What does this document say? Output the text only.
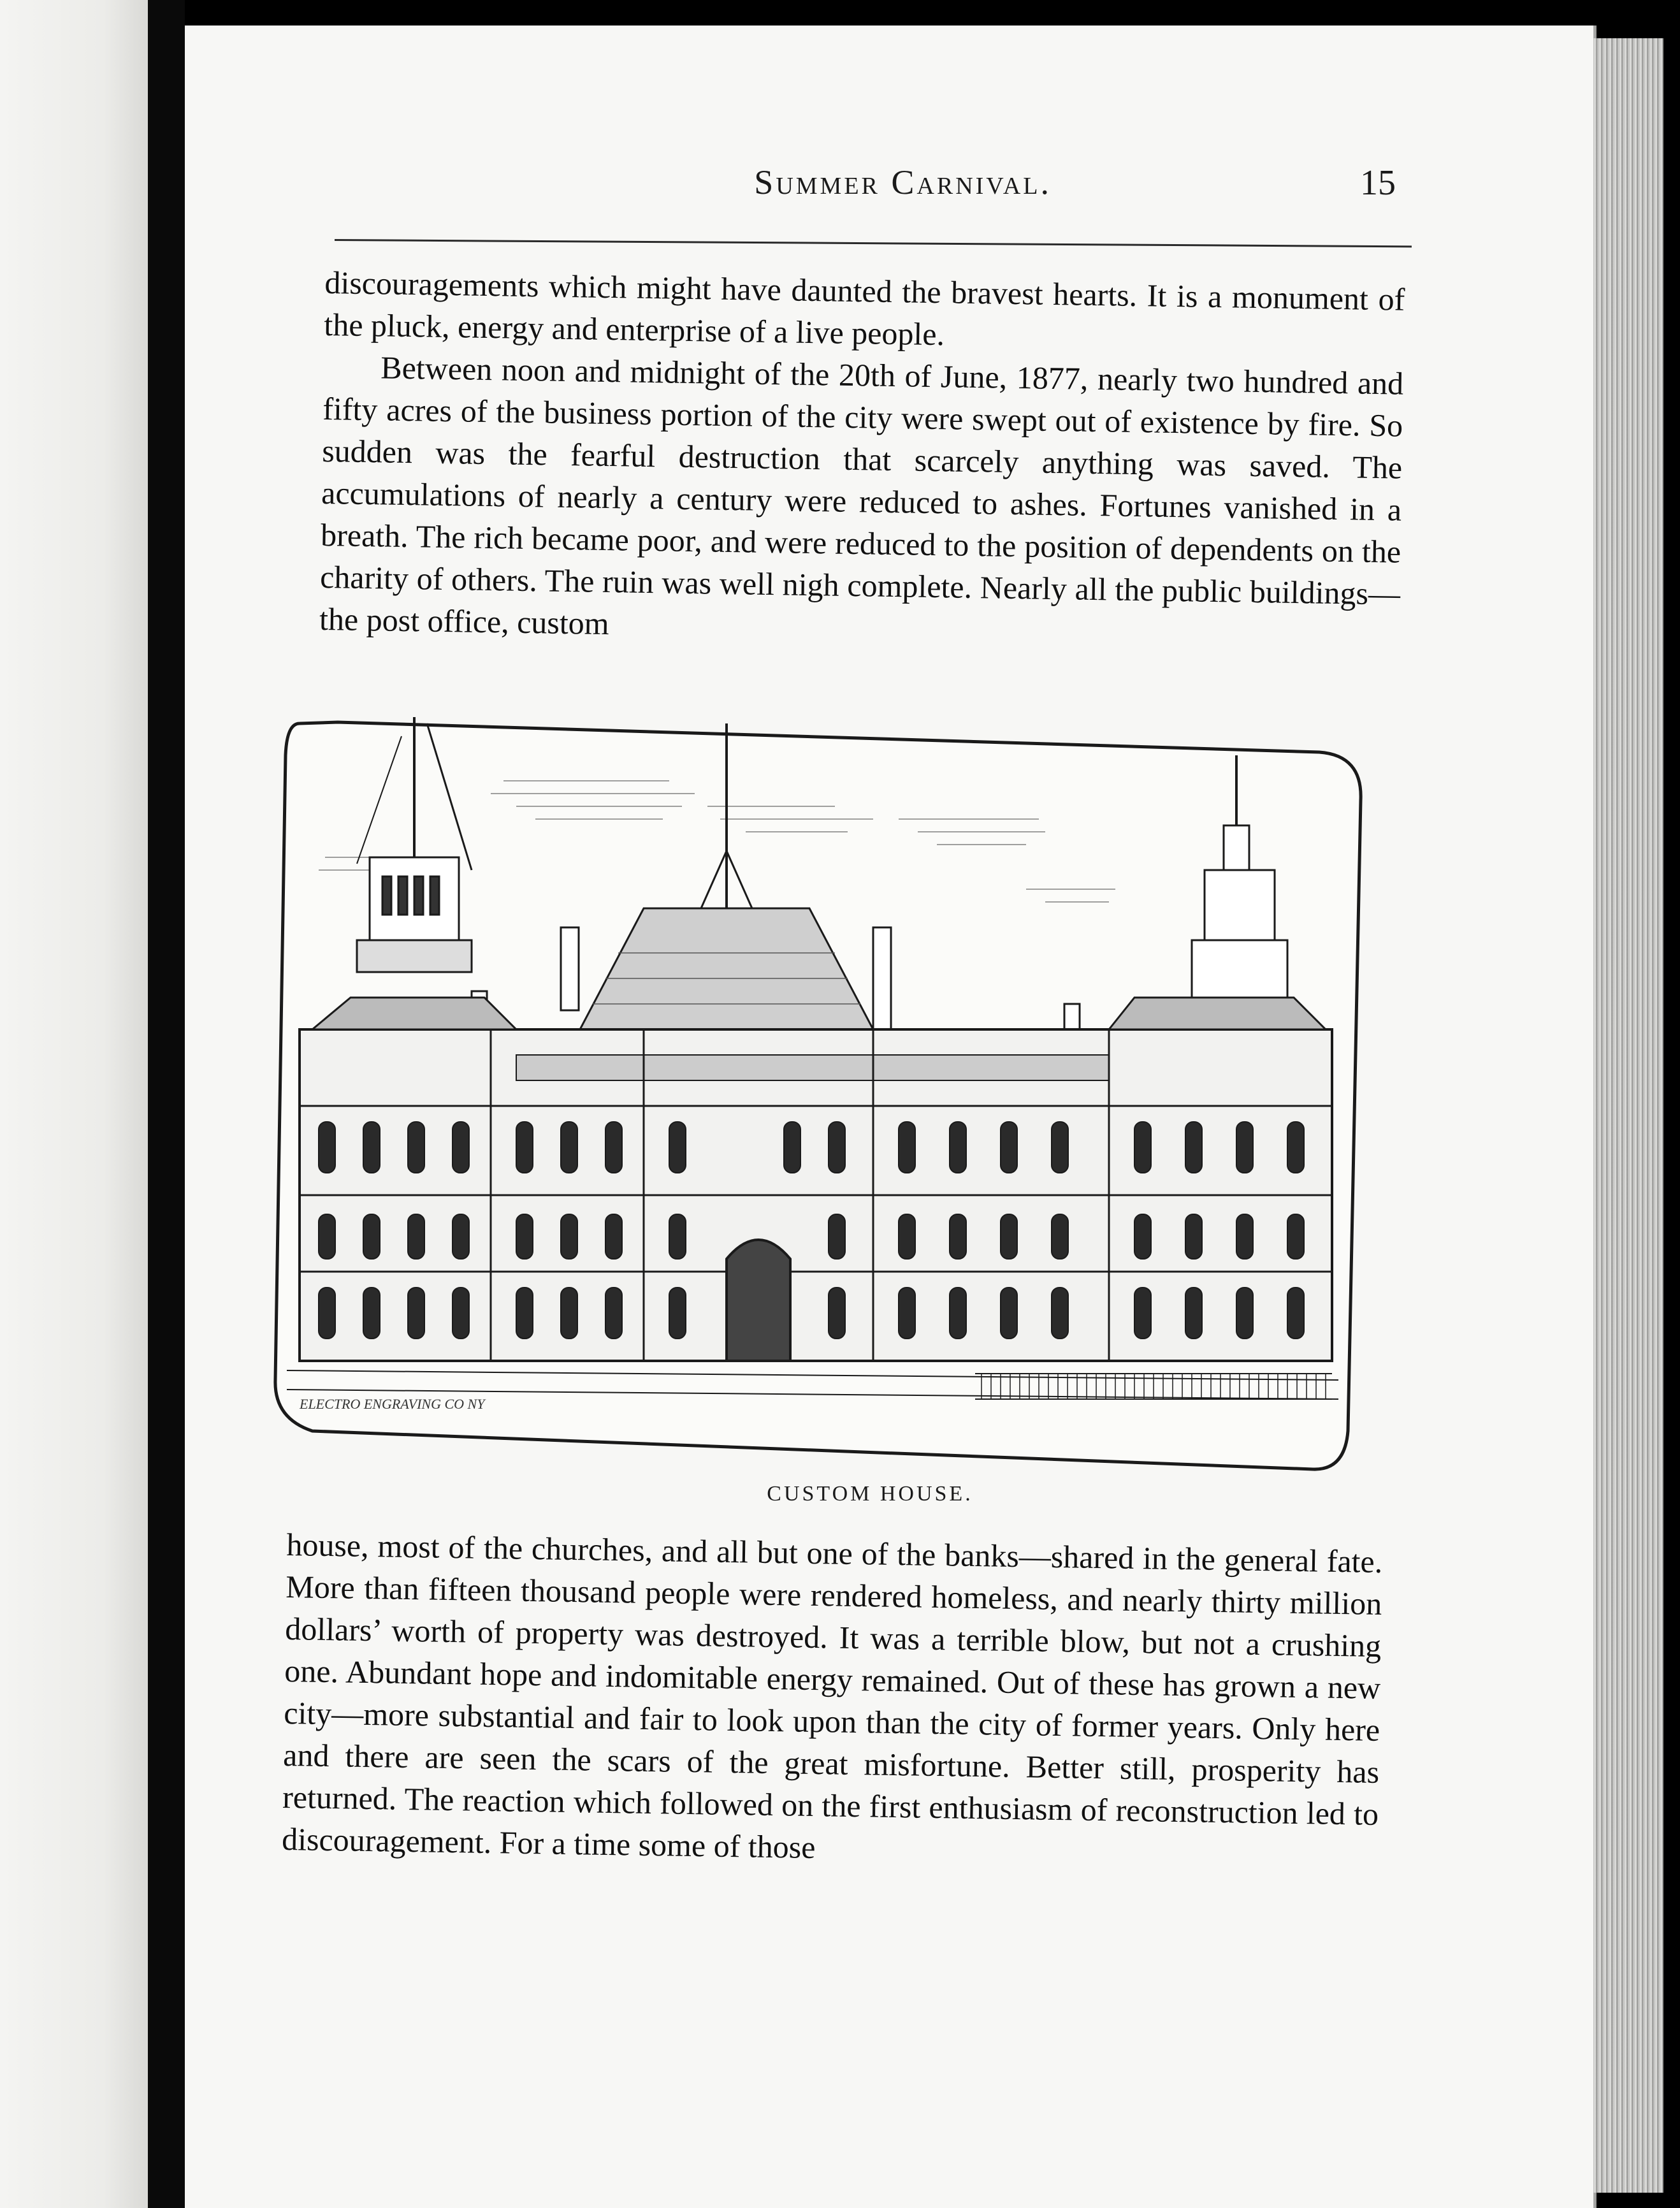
Summer Carnival.	15

discouragements which might have daunted the bravest hearts. It is a monument of the pluck, energy and enterprise of a live people.

Between noon and midnight of the 20th of June, 1877, nearly two hundred and fifty acres of the business portion of the city were swept out of existence by fire. So sudden was the fearful destruction that scarcely anything was saved. The accumulations of nearly a century were reduced to ashes. Fortunes vanished in a breath. The rich became poor, and were reduced to the position of dependents on the charity of others. The ruin was well nigh complete. Nearly all the public buildings—the post office, custom

ELECTRO ENGRAVING CO NY
CUSTOM HOUSE.

house, most of the churches, and all but one of the banks—shared in the general fate. More than fifteen thousand people were rendered homeless, and nearly thirty million dollars’ worth of property was destroyed. It was a terrible blow, but not a crushing one. Abundant hope and indomitable energy remained. Out of these has grown a new city—more substantial and fair to look upon than the city of former years. Only here and there are seen the scars of the great misfortune. Better still, prosperity has returned. The reaction which followed on the first enthusiasm of reconstruction led to discouragement. For a time some of those
